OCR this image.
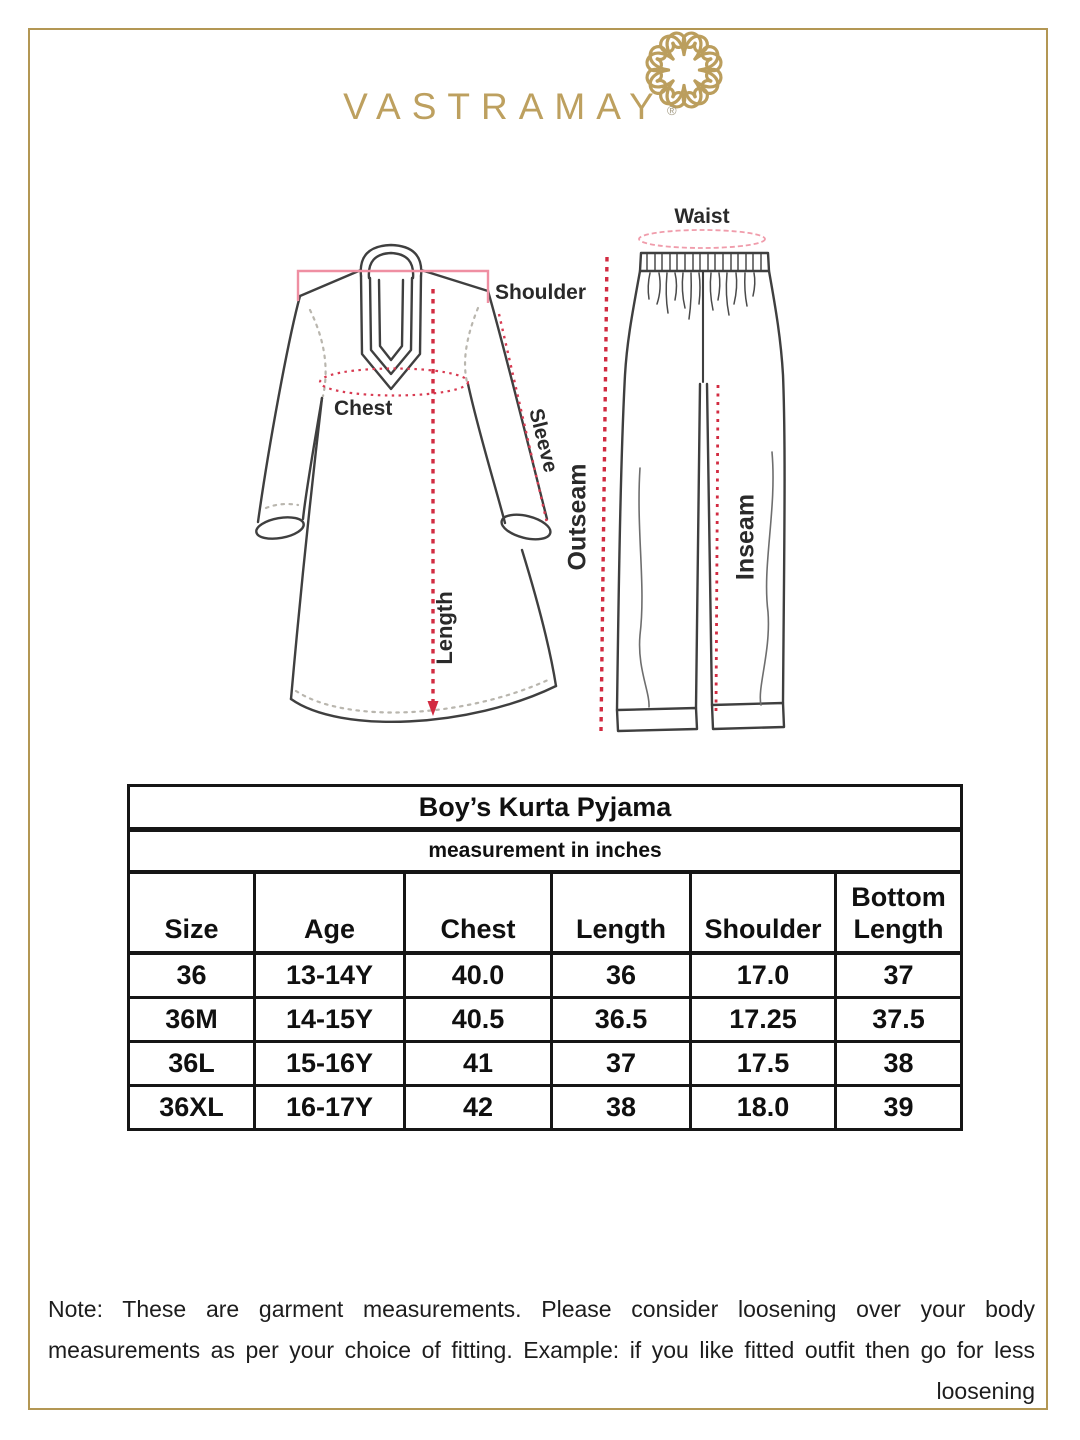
VASTRAMAY ®
Shoulder
Chest	Sleeve
Length
Waist
Outseam	Inseam
Boy’s Kurta Pyjama					
measurement in inches					
Size	Age	Chest	Length	Shoulder	Bottom Length
36	13-14Y	40.0	36	17.0	37
36M	14-15Y	40.5	36.5	17.25	37.5
36L	15-16Y	41	37	17.5	38
36XL	16-17Y	42	38	18.0	39
Note: These are garment measurements. Please consider loosening over your body measurements as per your choice of fitting. Example: if you like fitted outfit then go for less loosening
